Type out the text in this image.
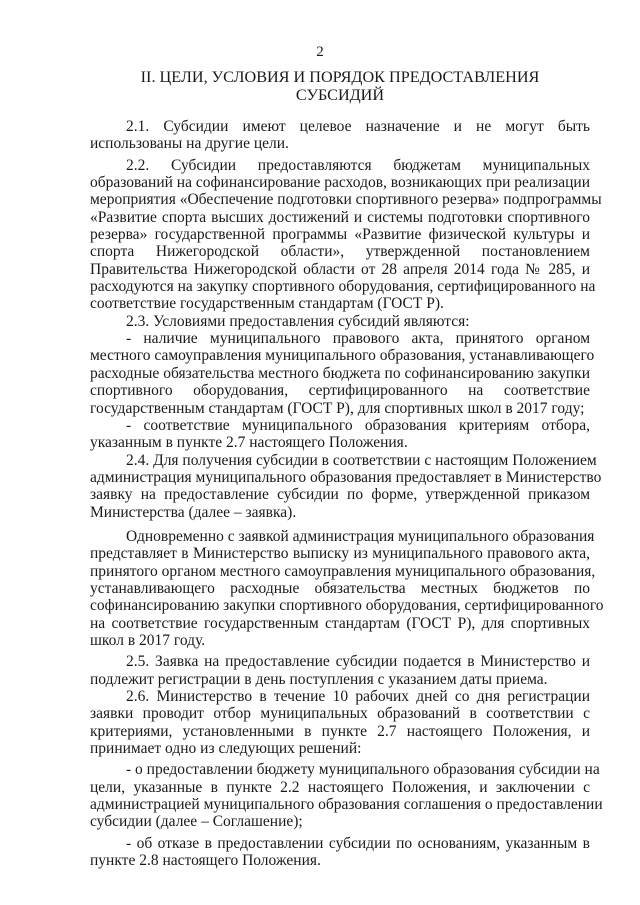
2
II. ЦЕЛИ, УСЛОВИЯ И ПОРЯДОК ПРЕДОСТАВЛЕНИЯ
СУБСИДИЙ

2.1. Субсидии имеют целевое назначение и не могут быть
использованы на другие цели.

2.2. Субсидии предоставляются бюджетам муниципальных
образований на софинансирование расходов, возникающих при реализации
мероприятия «Обеспечение подготовки спортивного резерва» подпрограммы
«Развитие спорта высших достижений и системы подготовки спортивного
резерва» государственной программы «Развитие физической культуры и
спорта Нижегородской области», утвержденной постановлением
Правительства Нижегородской области от 28 апреля 2014 года № 285, и
расходуются на закупку спортивного оборудования, сертифицированного на
соответствие государственным стандартам (ГОСТ Р).

2.3. Условиями предоставления субсидий являются:

- наличие муниципального правового акта, принятого органом
местного самоуправления муниципального образования, устанавливающего
расходные обязательства местного бюджета по софинансированию закупки
спортивного оборудования, сертифицированного на соответствие
государственным стандартам (ГОСТ Р), для спортивных школ в 2017 году;

- соответствие муниципального образования критериям отбора,
указанным в пункте 2.7 настоящего Положения.

2.4. Для получения субсидии в соответствии с настоящим Положением
администрация муниципального образования предоставляет в Министерство
заявку на предоставление субсидии по форме, утвержденной приказом
Министерства (далее – заявка).

Одновременно с заявкой администрация муниципального образования
представляет в Министерство выписку из муниципального правового акта,
принятого органом местного самоуправления муниципального образования,
устанавливающего расходные обязательства местных бюджетов по
софинансированию закупки спортивного оборудования, сертифицированного
на соответствие государственным стандартам (ГОСТ Р), для спортивных
школ в 2017 году.

2.5. Заявка на предоставление субсидии подается в Министерство и
подлежит регистрации в день поступления с указанием даты приема.

2.6. Министерство в течение 10 рабочих дней со дня регистрации
заявки проводит отбор муниципальных образований в соответствии с
критериями, установленными в пункте 2.7 настоящего Положения, и
принимает одно из следующих решений:

- о предоставлении бюджету муниципального образования субсидии на
цели, указанные в пункте 2.2 настоящего Положения, и заключении с
администрацией муниципального образования соглашения о предоставлении
субсидии (далее – Соглашение);

- об отказе в предоставлении субсидии по основаниям, указанным в
пункте 2.8 настоящего Положения.
